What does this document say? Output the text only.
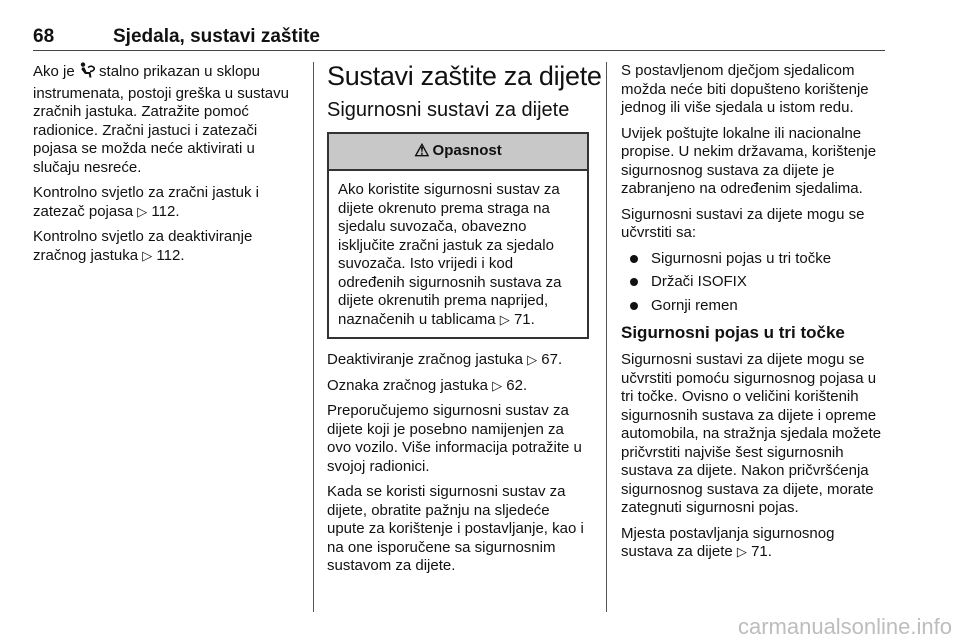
68	Sjedala, sustavi zaštite

Ako je stalno prikazan u sklopu instrumenata, postoji greška u sustavu zračnih jastuka. Zatražite pomoć radionice. Zračni jastuci i zatezači pojasa se možda neće aktivirati u slučaju nesreće.

Kontrolno svjetlo za zračni jastuk i zatezač pojasa ▷ 112.

Kontrolno svjetlo za deaktiviranje zračnog jastuka ▷ 112.

Sustavi zaštite za dijete
Sigurnosni sustavi za dijete
⚠ Opasnost
Ako koristite sigurnosni sustav za dijete okrenuto prema straga na sjedalu suvozača, obavezno isključite zračni jastuk za sjedalo suvozača. Isto vrijedi i kod određenih sigurnosnih sustava za dijete okrenutih prema naprijed, naznačenih u tablicama ▷ 71.

Deaktiviranje zračnog jastuka ▷ 67.

Oznaka zračnog jastuka ▷ 62.

Preporučujemo sigurnosni sustav za dijete koji je posebno namijenjen za ovo vozilo. Više informacija potražite u svojoj radionici.

Kada se koristi sigurnosni sustav za dijete, obratite pažnju na sljedeće upute za korištenje i postavljanje, kao i na one isporučene sa sigurnosnim sustavom za dijete.

S postavljenom dječjom sjedalicom možda neće biti dopušteno korištenje jednog ili više sjedala u istom redu.

Uvijek poštujte lokalne ili nacionalne propise. U nekim državama, korištenje sigurnosnog sustava za dijete je zabranjeno na određenim sjedalima.

Sigurnosni sustavi za dijete mogu se učvrstiti sa:

Sigurnosni pojas u tri točke
Držači ISOFIX
Gornji remen
Sigurnosni pojas u tri točke

Sigurnosni sustavi za dijete mogu se učvrstiti pomoću sigurnosnog pojasa u tri točke. Ovisno o veličini korištenih sigurnosnih sustava za dijete i opreme automobila, na stražnja sjedala možete pričvrstiti najviše šest sigurnosnih sustava za dijete. Nakon pričvršćenja sigurnosnog sustava za dijete, morate zategnuti sigurnosni pojas.

Mjesta postavljanja sigurnosnog sustava za dijete ▷ 71.

carmanualsonline.info
